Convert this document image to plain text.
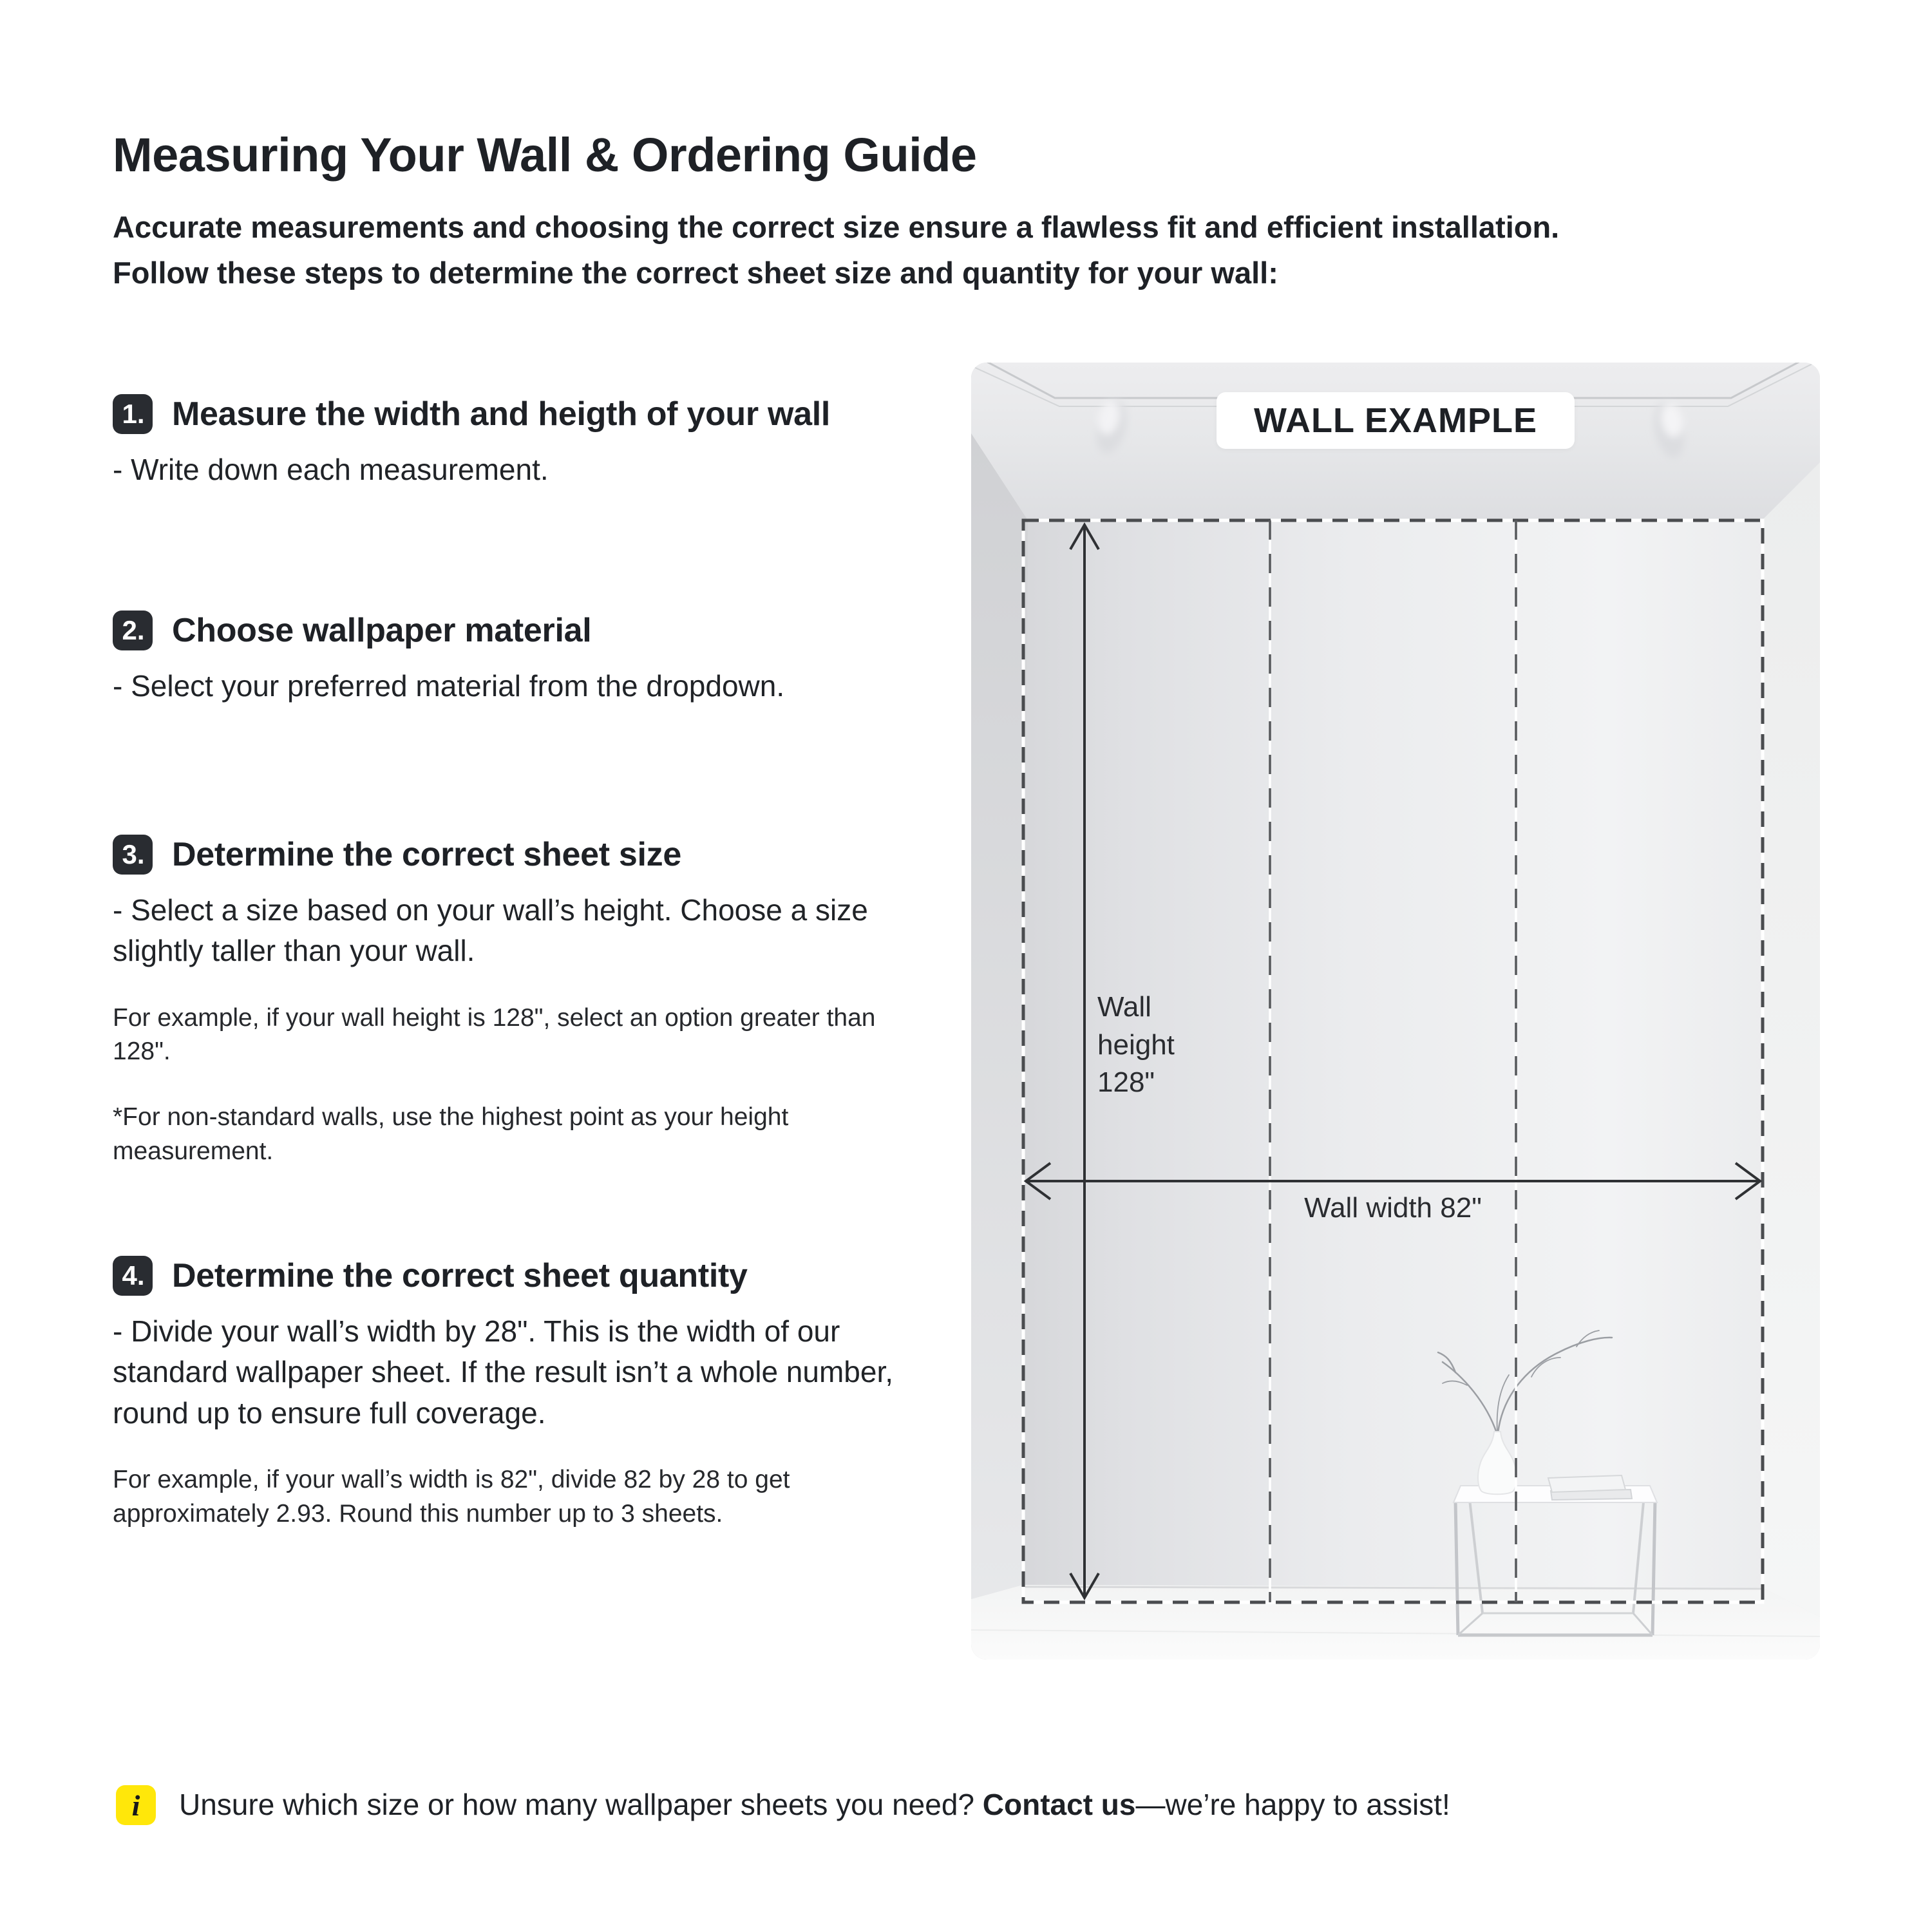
Measuring Your Wall & Ordering Guide
Accurate measurements and choosing the correct size ensure a flawless fit and efficient installation.
Follow these steps to determine the correct sheet size and quantity for your wall:
1. Measure the width and heigth of your wall

- Write down each measurement.

2. Choose wallpaper material

- Select your preferred material from the dropdown.

3. Determine the correct sheet size

- Select a size based on your wall’s height. Choose a size slightly taller than your wall.

For example, if your wall height is 128", select an option greater than 128".

*For non-standard walls, use the highest point as your height measurement.

4. Determine the correct sheet quantity

- Divide your wall’s width by 28". This is the width of our standard wallpaper sheet. If the result isn’t a whole number, round up to ensure full coverage.

For example, if your wall’s width is 82", divide 82 by 28 to get approximately 2.93. Round this number up to 3 sheets.

WALL EXAMPLE
Wall height 128"
Wall width 82"
i	Unsure which size or how many wallpaper sheets you need? Contact us—we’re happy to assist!
